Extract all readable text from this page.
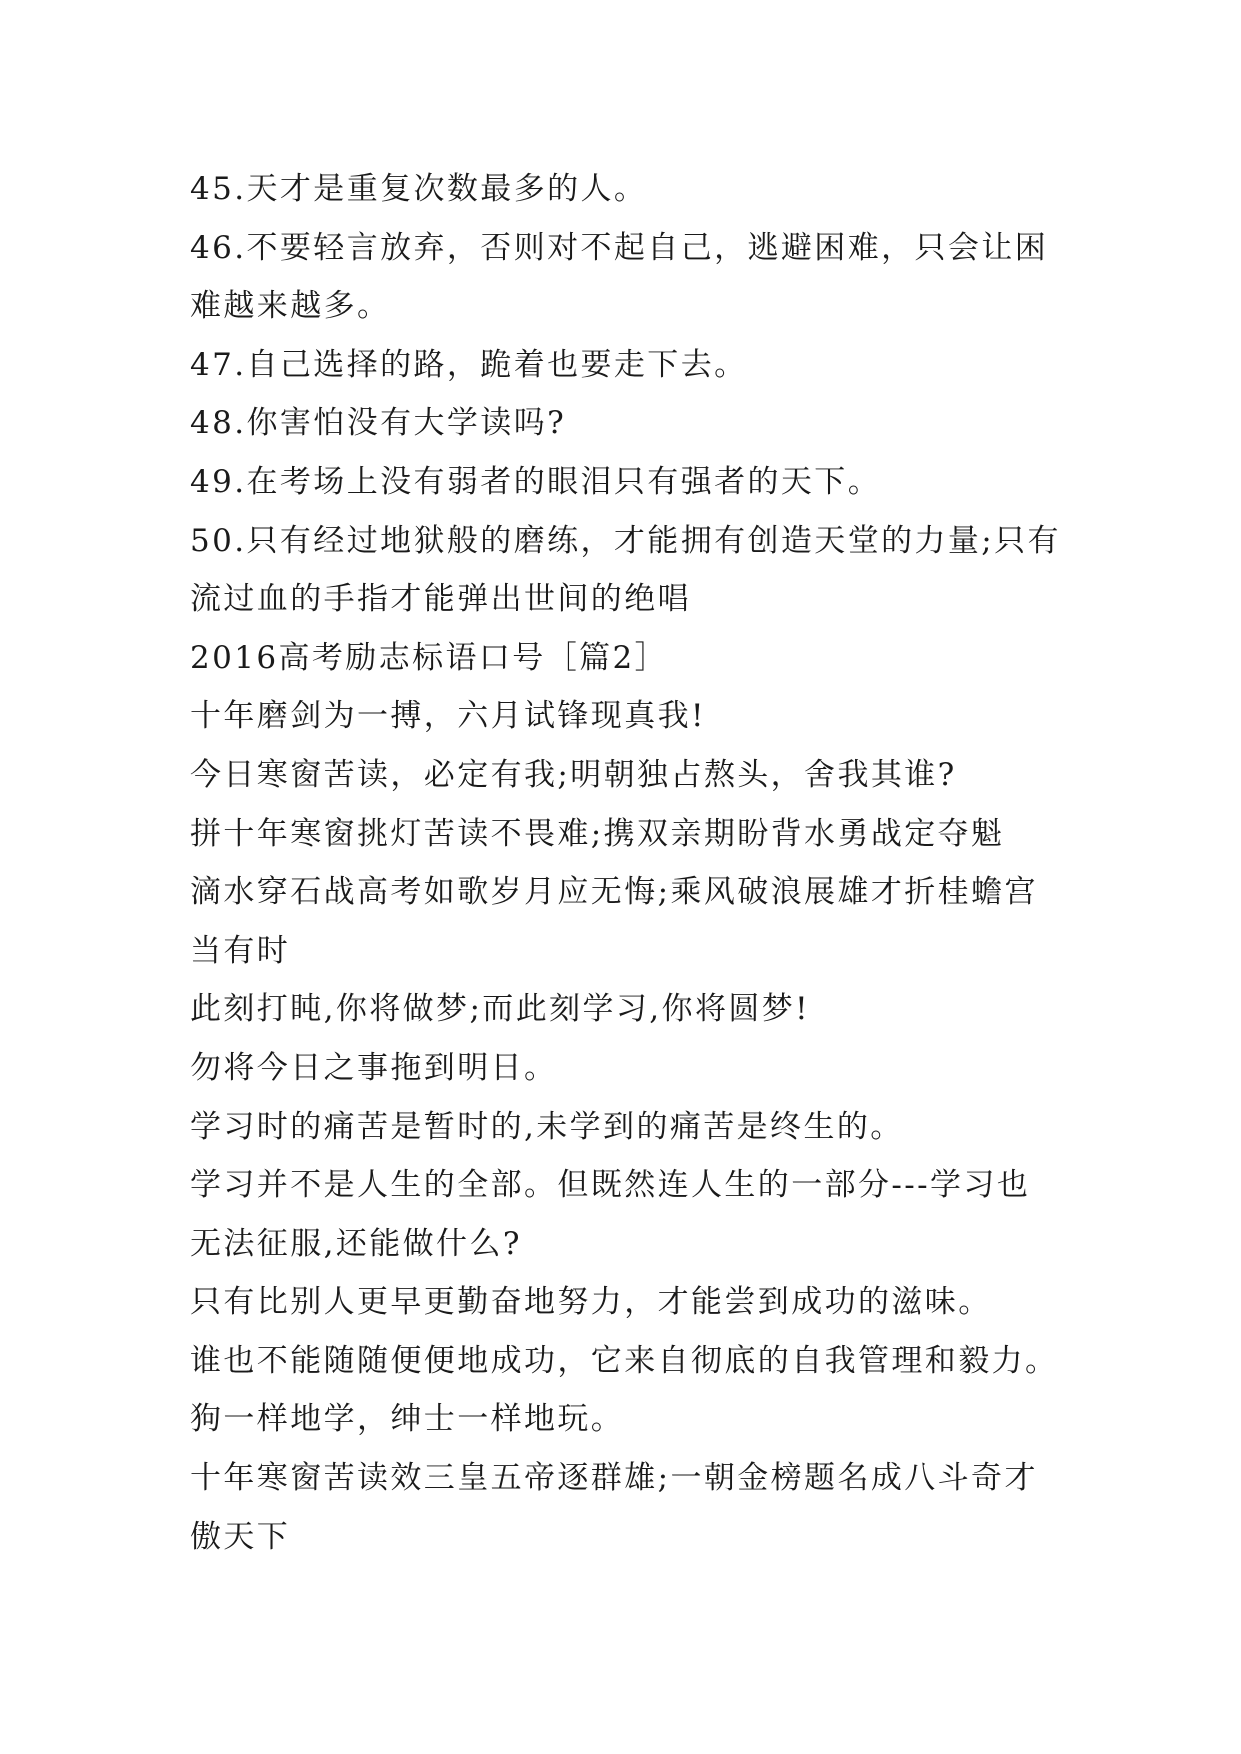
45.天才是重复次数最多的人。
46.不要轻言放弃，否则对不起自己，逃避困难，只会让困
难越来越多。
47.自己选择的路，跪着也要走下去。
48.你害怕没有大学读吗?
49.在考场上没有弱者的眼泪只有强者的天下。
50.只有经过地狱般的磨练，才能拥有创造天堂的力量;只有
流过血的手指才能弹出世间的绝唱
2016高考励志标语口号［篇2］
十年磨剑为一搏，六月试锋现真我!
今日寒窗苦读，必定有我;明朝独占熬头，舍我其谁?
拼十年寒窗挑灯苦读不畏难;携双亲期盼背水勇战定夺魁
滴水穿石战高考如歌岁月应无悔;乘风破浪展雄才折桂蟾宫
当有时
此刻打盹,你将做梦;而此刻学习,你将圆梦!
勿将今日之事拖到明日。
学习时的痛苦是暂时的,未学到的痛苦是终生的。
学习并不是人生的全部。但既然连人生的一部分---学习也
无法征服,还能做什么?
只有比别人更早更勤奋地努力，才能尝到成功的滋味。
谁也不能随随便便地成功，它来自彻底的自我管理和毅力。
狗一样地学，绅士一样地玩。
十年寒窗苦读效三皇五帝逐群雄;一朝金榜题名成八斗奇才
傲天下
